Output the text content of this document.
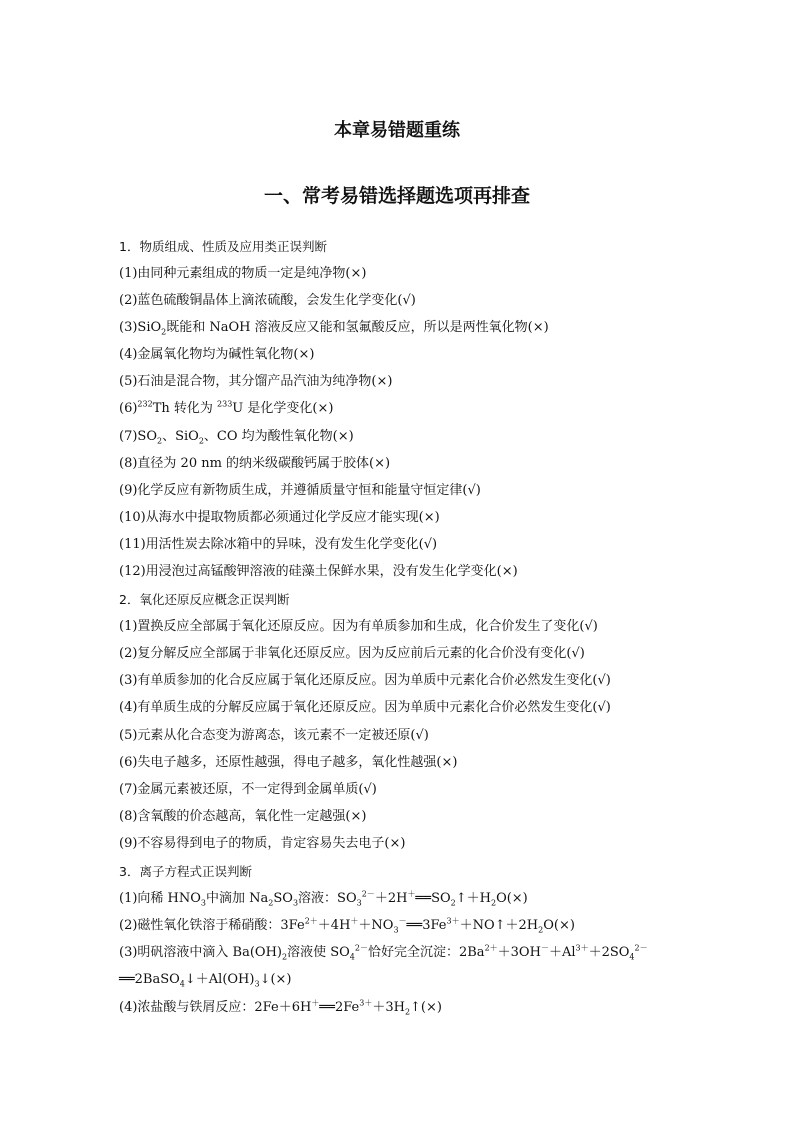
本章易错题重练
一、常考易错选择题选项再排查
1．物质组成、性质及应用类正误判断
(1)由同种元素组成的物质一定是纯净物(×)
(2)蓝色硫酸铜晶体上滴浓硫酸，会发生化学变化(√)
(3)SiO$_2$既能和 NaOH 溶液反应又能和氢氟酸反应，所以是两性氧化物(×)
(4)金属氧化物均为碱性氧化物(×)
(5)石油是混合物，其分馏产品汽油为纯净物(×)
$(6)^{232}Th$ 转化为 $^{233}$U 是化学变化(×)
$(7)SO_2$、SiO$_2$、CO 均为酸性氧化物(×)
(8)直径为 20 nm 的纳米级碳酸钙属于胶体(×)
(9)化学反应有新物质生成，并遵循质量守恒和能量守恒定律(√)
(10)从海水中提取物质都必须通过化学反应才能实现(×)
(11)用活性炭去除冰箱中的异味，没有发生化学变化(√)
(12)用浸泡过高锰酸钾溶液的硅藻土保鲜水果，没有发生化学变化(×)
2．氧化还原反应概念正误判断
(1)置换反应全部属于氧化还原反应。因为有单质参加和生成，化合价发生了变化(√)
(2)复分解反应全部属于非氧化还原反应。因为反应前后元素的化合价没有变化(√)
(3)有单质参加的化合反应属于氧化还原反应。因为单质中元素化合价必然发生变化(√)
(4)有单质生成的分解反应属于氧化还原反应。因为单质中元素化合价必然发生变化(√)
(5)元素从化合态变为游离态，该元素不一定被还原(√)
(6)失电子越多，还原性越强，得电子越多，氧化性越强(×)
(7)金属元素被还原，不一定得到金属单质(√)
(8)含氧酸的价态越高，氧化性一定越强(×)
(9)不容易得到电子的物质，肯定容易失去电子(×)
3．离子方程式正误判断
(1)向稀 $HNO_3$中滴加 $Na_2SO_3$溶液：$SO_3^{2-}+2H^+══SO_2↑+H_2O(\times)$
(2)磁性氧化铁溶于稀硝酸：$3Fe^{2+}+4H^++NO_3^-══3Fe^{3+}+NO↑+2H_2O(\times)$
(3)明矾溶液中滴入 $Ba(OH)_2$溶液使 $SO_4^{2-}$恰好完全沉淀：$2Ba^{2+}+3OH^-+Al^{3+}+2SO_4^{2-}$
$══2BaSO_4↓+Al(OH)_3↓(\times)$
(4)浓盐酸与铁屑反应：$2Fe+6H^+══2Fe^{3+}+3H_2↑(\times)$
